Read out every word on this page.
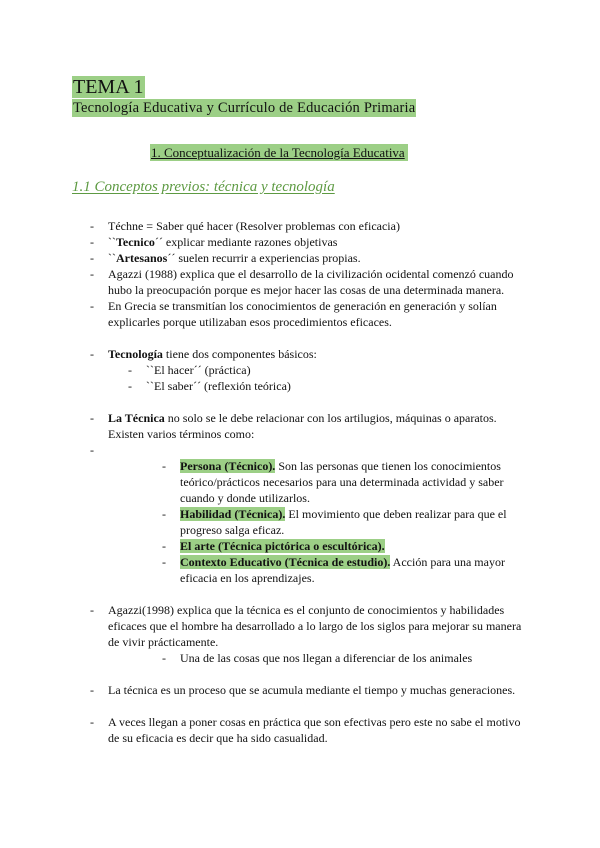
TEMA 1
Tecnología Educativa y Currículo de Educación Primaria
1. Conceptualización de la Tecnología Educativa
1.1 Conceptos previos: técnica y tecnología
- Téchne = Saber qué hacer (Resolver problemas con eficacia)
- ``Tecnico´´ explicar mediante razones objetivas
- ``Artesanos´´ suelen recurrir a experiencias propias.
- Agazzi (1988) explica que el desarrollo de la civilización ocidental comenzó cuando
hubo la preocupación porque es mejor hacer las cosas de una determinada manera.
- En Grecia se transmitían los conocimientos de generación en generación y solían
explicarles porque utilizaban esos procedimientos eficaces.
- Tecnología tiene dos componentes básicos:
- ``El hacer´´ (práctica)
- ``El saber´´ (reflexión teórica)
- La Técnica no solo se le debe relacionar con los artilugios, máquinas o aparatos.
Existen varios términos como:
-
- Persona (Técnico). Son las personas que tienen los conocimientos
teórico/prácticos necesarios para una determinada actividad y saber
cuando y donde utilizarlos.
- Habilidad (Técnica). El movimiento que deben realizar para que el
progreso salga eficaz.
- El arte (Técnica pictórica o escultórica).
- Contexto Educativo (Técnica de estudio). Acción para una mayor
eficacia en los aprendizajes.
- Agazzi(1998) explica que la técnica es el conjunto de conocimientos y habilidades
eficaces que el hombre ha desarrollado a lo largo de los siglos para mejorar su manera
de vivir prácticamente.
- Una de las cosas que nos llegan a diferenciar de los animales
- La técnica es un proceso que se acumula mediante el tiempo y muchas generaciones.
- A veces llegan a poner cosas en práctica que son efectivas pero este no sabe el motivo
de su eficacia es decir que ha sido casualidad.
